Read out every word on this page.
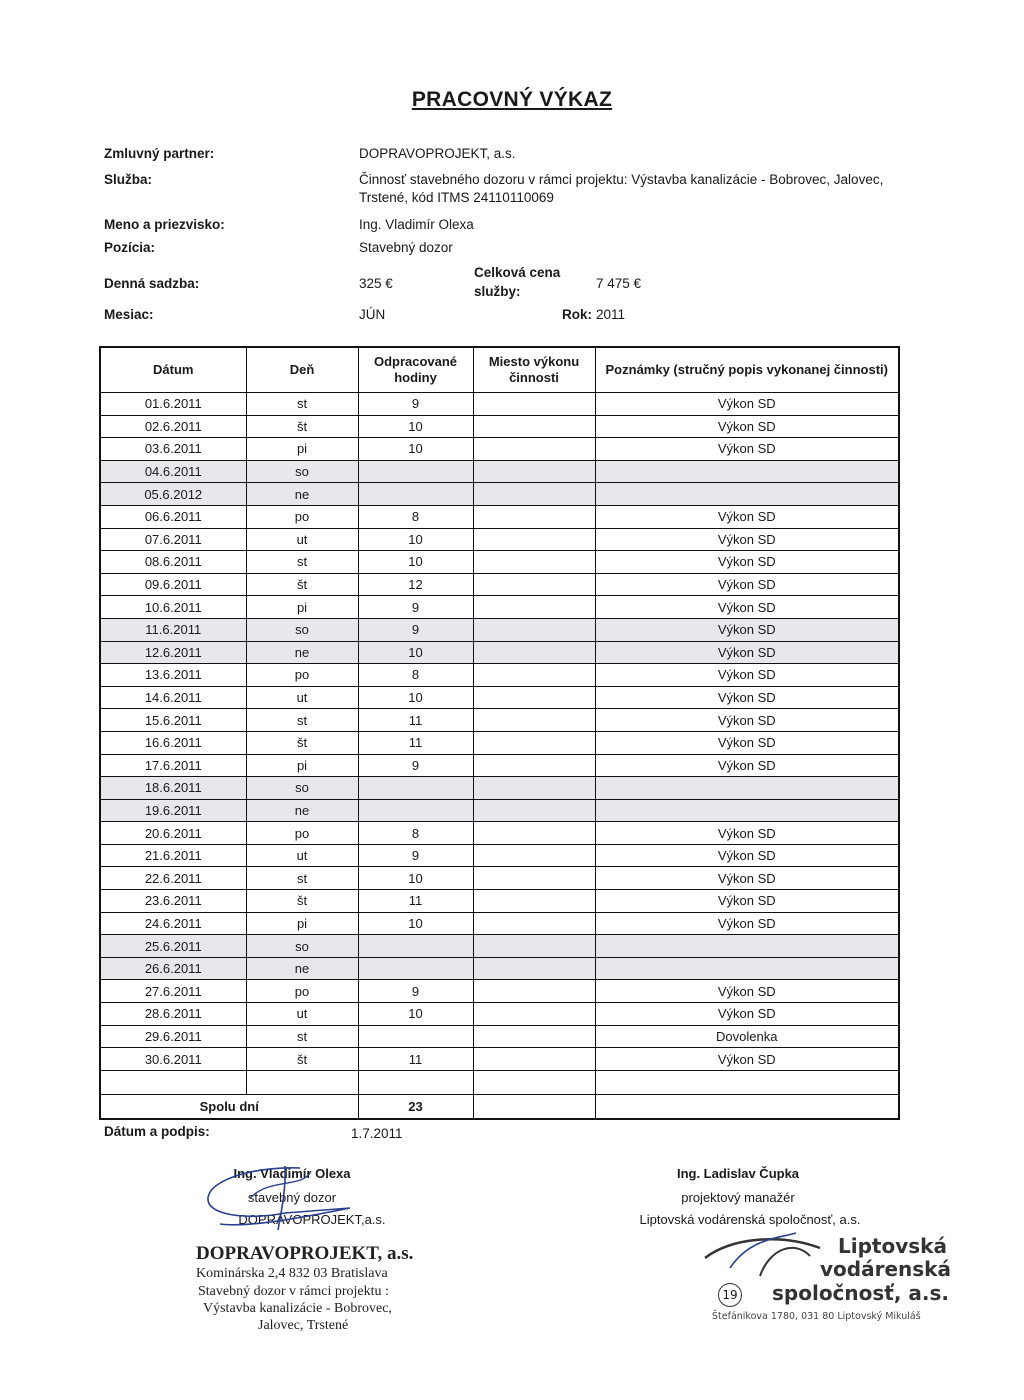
PRACOVNÝ VÝKAZ
Zmluvný partner:	DOPRAVOPROJEKT, a.s.
Služba:	Činnosť stavebného dozoru v rámci projektu: Výstavba kanalizácie - Bobrovec, Jalovec,
Trstené, kód ITMS 24110110069
Meno a priezvisko:	Ing. Vladimír Olexa
Pozícia:	Stavebný dozor
Denná sadzba:	325 €
Celková cena
služby:
7 475 €
Mesiac:	JÚN	Rok: 2011
Dátum	Deň	Odpracované hodiny	Miesto výkonu činnosti	Poznámky (stručný popis vykonanej činnosti)
01.6.2011	st	9		Výkon SD
02.6.2011	št	10		Výkon SD
03.6.2011	pi	10		Výkon SD
04.6.2011	so			
05.6.2012	ne			
06.6.2011	po	8		Výkon SD
07.6.2011	ut	10		Výkon SD
08.6.2011	st	10		Výkon SD
09.6.2011	št	12		Výkon SD
10.6.2011	pi	9		Výkon SD
11.6.2011	so	9		Výkon SD
12.6.2011	ne	10		Výkon SD
13.6.2011	po	8		Výkon SD
14.6.2011	ut	10		Výkon SD
15.6.2011	st	11		Výkon SD
16.6.2011	št	11		Výkon SD
17.6.2011	pi	9		Výkon SD
18.6.2011	so			
19.6.2011	ne			
20.6.2011	po	8		Výkon SD
21.6.2011	ut	9		Výkon SD
22.6.2011	st	10		Výkon SD
23.6.2011	št	11		Výkon SD
24.6.2011	pi	10		Výkon SD
25.6.2011	so			
26.6.2011	ne			
27.6.2011	po	9		Výkon SD
28.6.2011	ut	10		Výkon SD
29.6.2011	st			Dovolenka
30.6.2011	št	11		Výkon SD

Spolu dní		23		
Dátum a podpis:	1.7.2011
Ing. Vladimír Olexa
stavebný dozor
DOPRAVOPROJEKT,a.s.
Ing. Ladislav Čupka
projektový manažér
Liptovská vodárenská spoločnosť, a.s.
DOPRAVOPROJEKT, a.s.
Kominárska 2,4 832 03 Bratislava
Stavebný dozor v rámci projektu :
Výstavba kanalizácie - Bobrovec,
Jalovec, Trstené
Liptovská
vodárenská
19 spoločnosť, a.s.
Štefánikova 1780, 031 80 Liptovský Mikuláš
